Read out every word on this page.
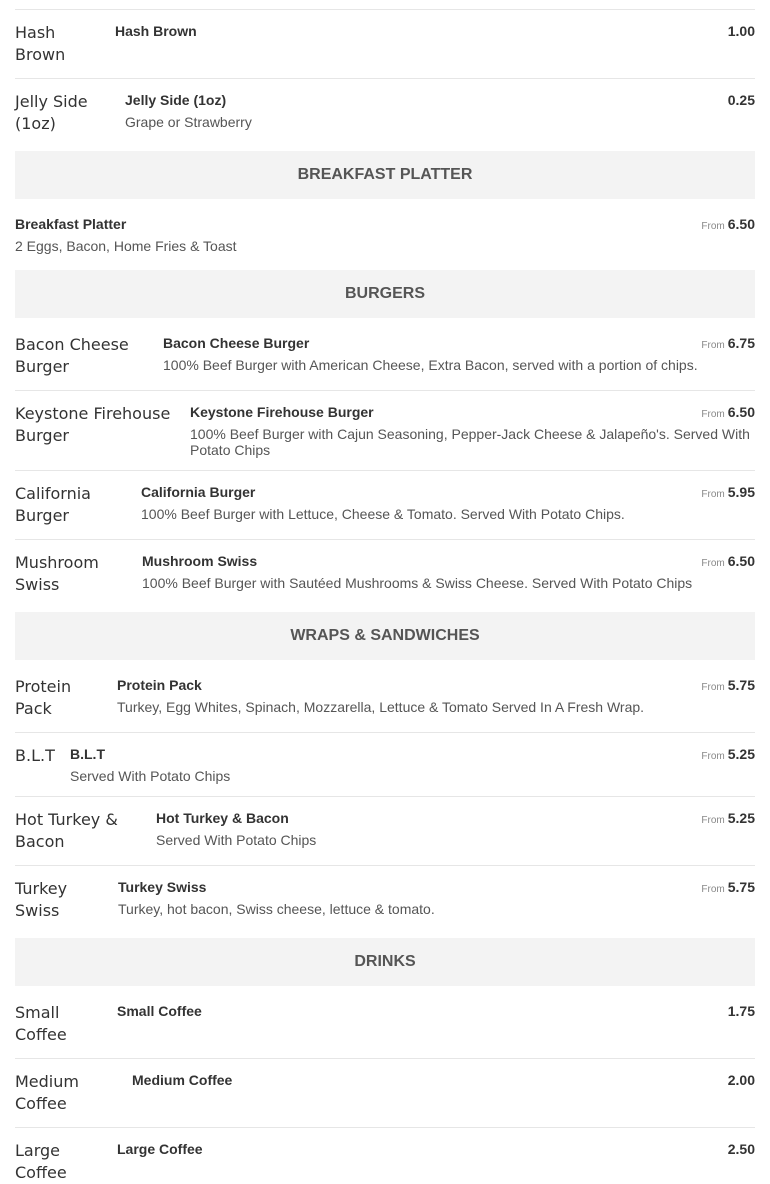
Hash Brown
Hash Brown	1.00
Jelly Side (1oz)
Jelly Side (1oz)
Grape or Strawberry
0.25
BREAKFAST PLATTER
Breakfast Platter
2 Eggs, Bacon, Home Fries & Toast
From 6.50
BURGERS
Bacon Cheese Burger
Bacon Cheese Burger
100% Beef Burger with American Cheese, Extra Bacon, served with a portion of chips.
From 6.75
Keystone Firehouse Burger
Keystone Firehouse Burger
100% Beef Burger with Cajun Seasoning, Pepper-Jack Cheese & Jalapeño's. Served With Potato Chips
From 6.50
California Burger
California Burger
100% Beef Burger with Lettuce, Cheese & Tomato. Served With Potato Chips.
From 5.95
Mushroom Swiss
Mushroom Swiss
100% Beef Burger with Sautéed Mushrooms & Swiss Cheese. Served With Potato Chips
From 6.50
WRAPS & SANDWICHES
Protein Pack
Protein Pack
Turkey, Egg Whites, Spinach, Mozzarella, Lettuce & Tomato Served In A Fresh Wrap.
From 5.75
B.L.T B.L.T
Served With Potato Chips
From 5.25
Hot Turkey & Bacon
Hot Turkey & Bacon
Served With Potato Chips
From 5.25
Turkey Swiss
Turkey Swiss
Turkey, hot bacon, Swiss cheese, lettuce & tomato.
From 5.75
DRINKS
Small Coffee
Small Coffee	1.75
Medium Coffee
Medium Coffee	2.00
Large Coffee
Large Coffee	2.50
